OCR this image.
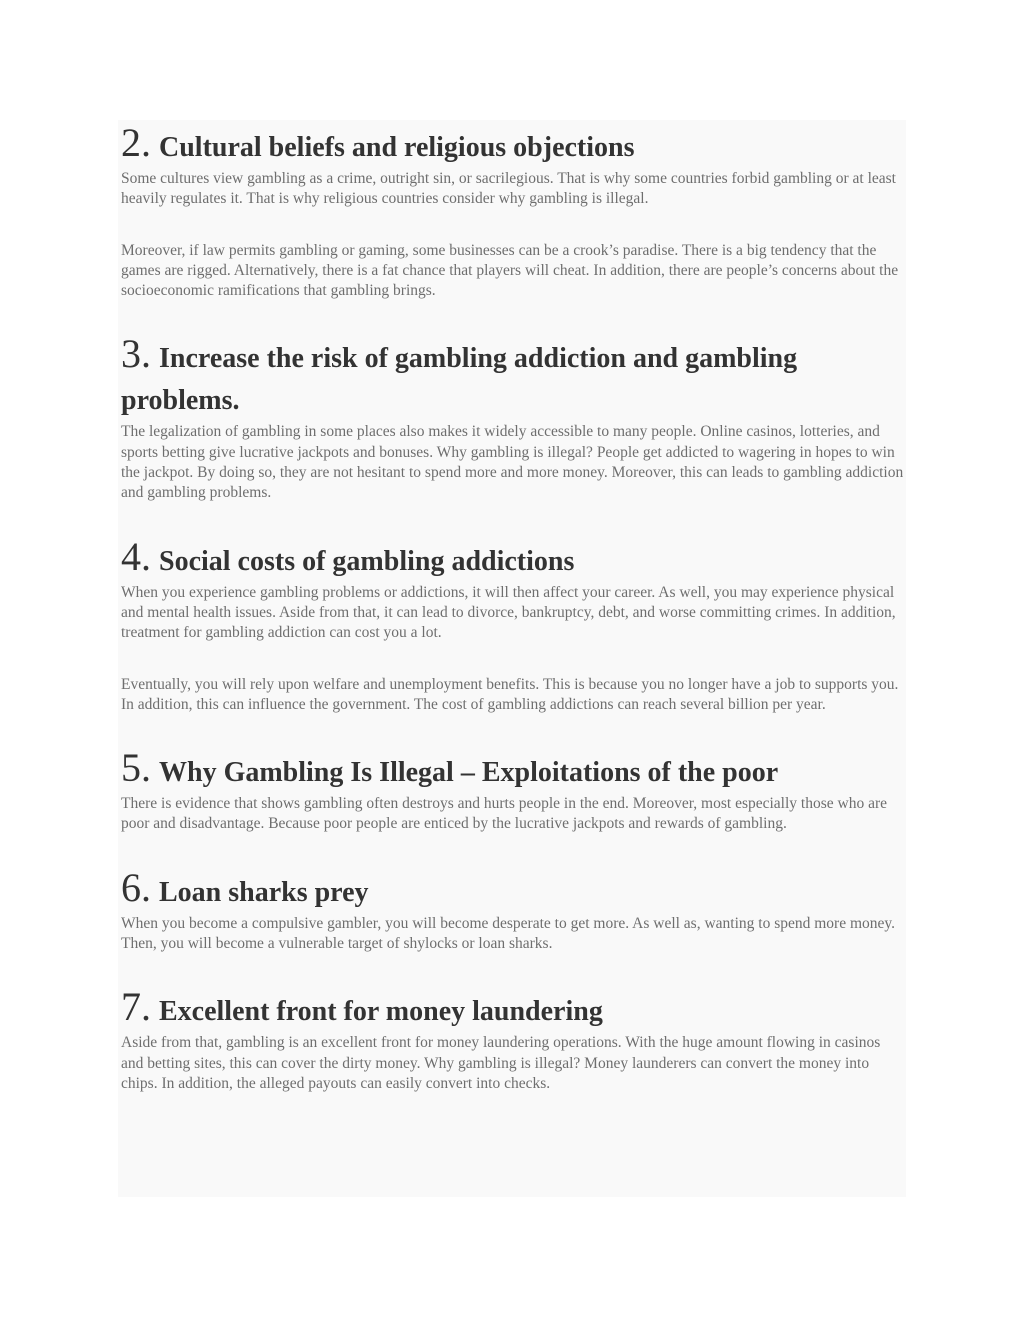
2. Cultural beliefs and religious objections

Some cultures view gambling as a crime, outright sin, or sacrilegious. That is why some countries forbid gambling or at least heavily regulates it. That is why religious countries consider why gambling is illegal.

Moreover, if law permits gambling or gaming, some businesses can be a crook’s paradise. There is a big tendency that the games are rigged. Alternatively, there is a fat chance that players will cheat. In addition, there are people’s concerns about the socioeconomic ramifications that gambling brings.

3. Increase the risk of gambling addiction and gambling problems.

The legalization of gambling in some places also makes it widely accessible to many people. Online casinos, lotteries, and sports betting give lucrative jackpots and bonuses. Why gambling is illegal? People get addicted to wagering in hopes to win the jackpot. By doing so, they are not hesitant to spend more and more money. Moreover, this can leads to gambling addiction and gambling problems.

4. Social costs of gambling addictions

When you experience gambling problems or addictions, it will then affect your career. As well, you may experience physical and mental health issues. Aside from that, it can lead to divorce, bankruptcy, debt, and worse committing crimes. In addition, treatment for gambling addiction can cost you a lot.

Eventually, you will rely upon welfare and unemployment benefits. This is because you no longer have a job to supports you. In addition, this can influence the government. The cost of gambling addictions can reach several billion per year.

5. Why Gambling Is Illegal – Exploitations of the poor

There is evidence that shows gambling often destroys and hurts people in the end. Moreover, most especially those who are poor and disadvantage. Because poor people are enticed by the lucrative jackpots and rewards of gambling.

6. Loan sharks prey

When you become a compulsive gambler, you will become desperate to get more. As well as, wanting to spend more money. Then, you will become a vulnerable target of shylocks or loan sharks.

7. Excellent front for money laundering

Aside from that, gambling is an excellent front for money laundering operations. With the huge amount flowing in casinos and betting sites, this can cover the dirty money. Why gambling is illegal? Money launderers can convert the money into chips. In addition, the alleged payouts can easily convert into checks.
